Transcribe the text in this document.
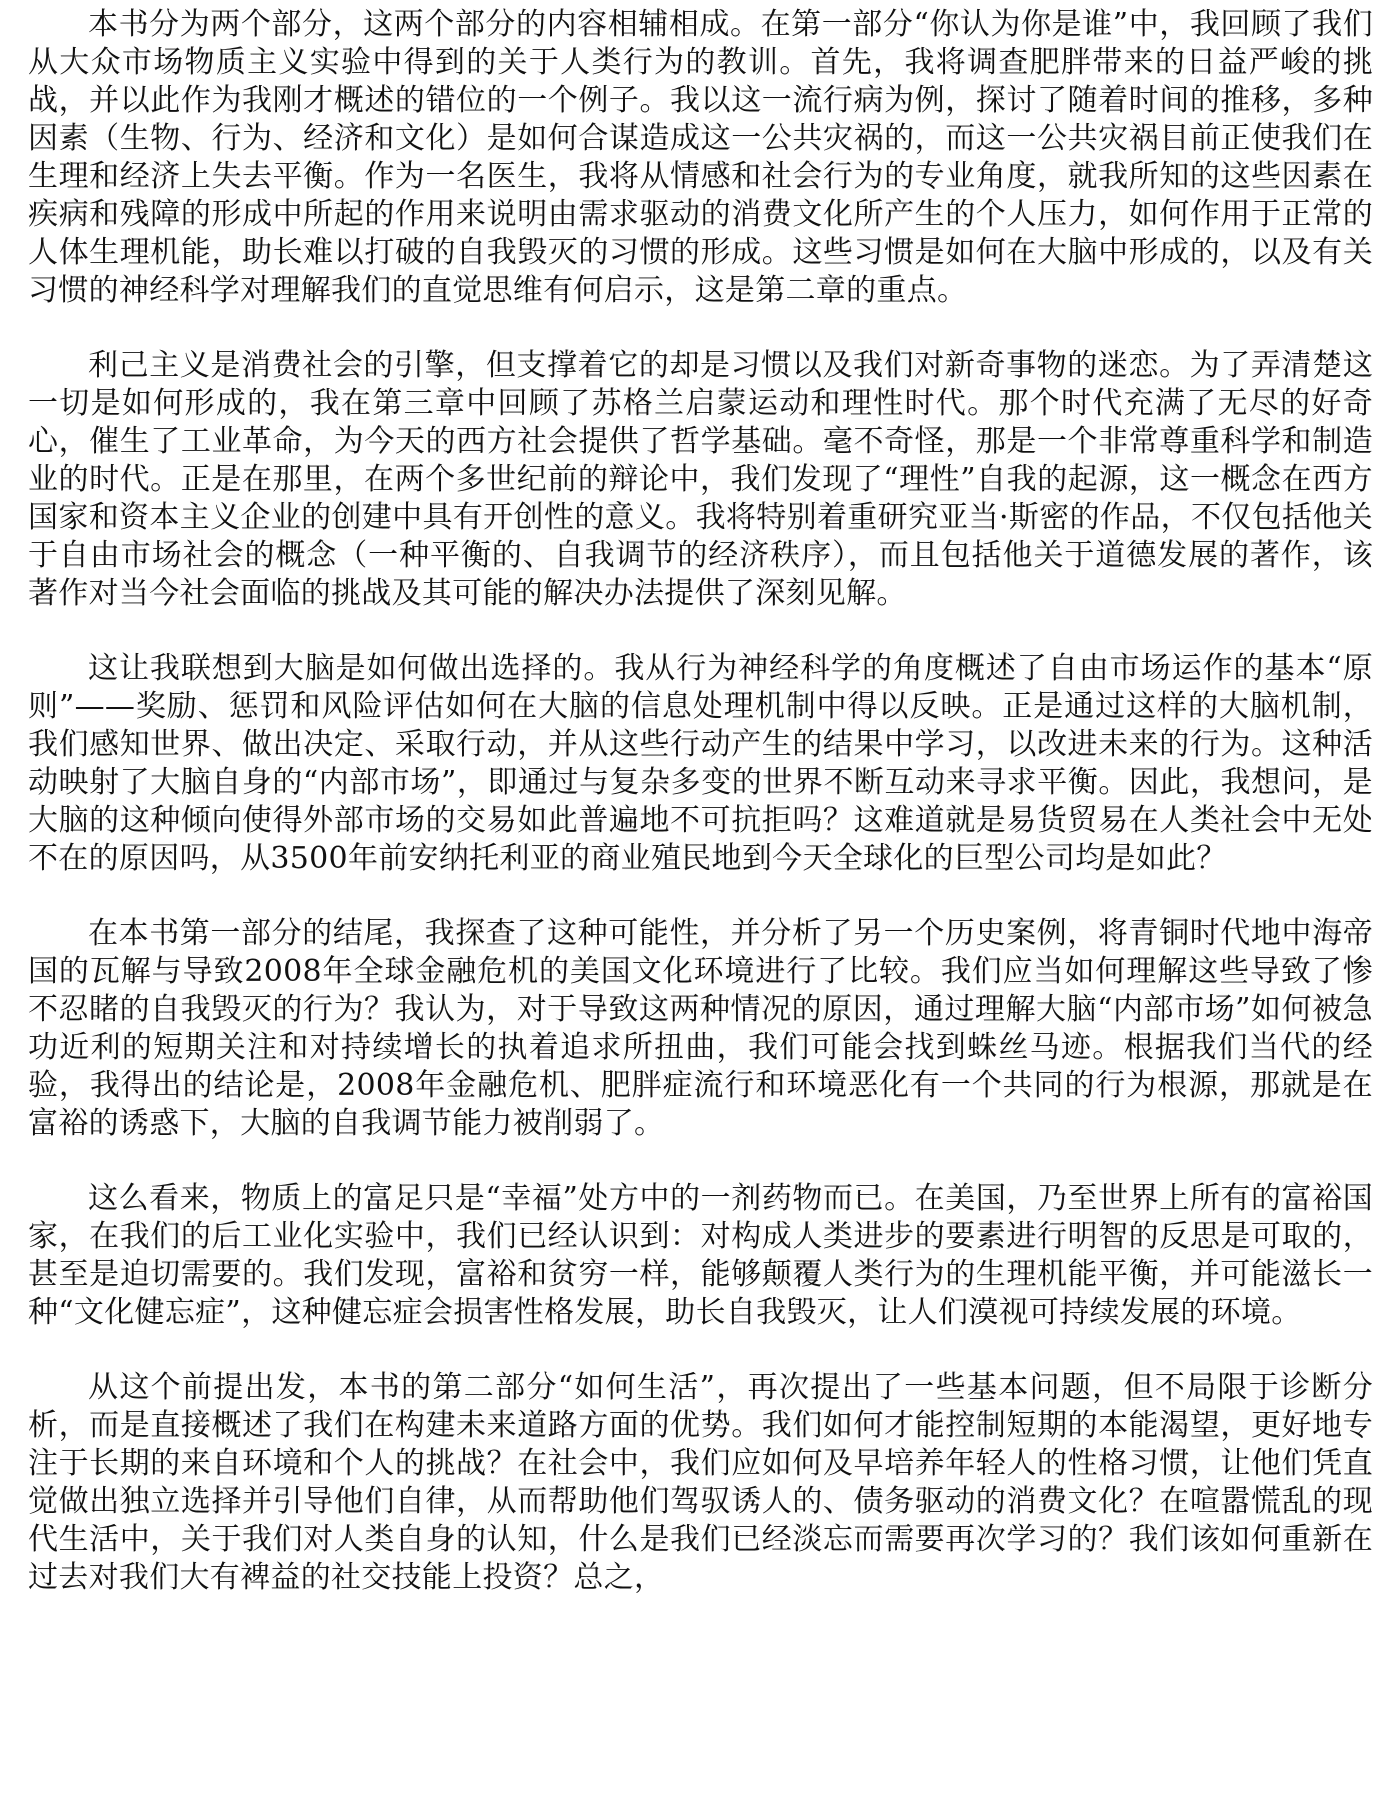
本书分为两个部分，这两个部分的内容相辅相成。在第一部分“你认为你是谁”中，我回顾了我们从大众市场物质主义实验中得到的关于人类行为的教训。首先，我将调查肥胖带来的日益严峻的挑战，并以此作为我刚才概述的错位的一个例子。我以这一流行病为例，探讨了随着时间的推移，多种因素（生物、行为、经济和文化）是如何合谋造成这一公共灾祸的，而这一公共灾祸目前正使我们在生理和经济上失去平衡。作为一名医生，我将从情感和社会行为的专业角度，就我所知的这些因素在疾病和残障的形成中所起的作用来说明由需求驱动的消费文化所产生的个人压力，如何作用于正常的人体生理机能，助长难以打破的自我毁灭的习惯的形成。这些习惯是如何在大脑中形成的，以及有关习惯的神经科学对理解我们的直觉思维有何启示，这是第二章的重点。

利己主义是消费社会的引擎，但支撑着它的却是习惯以及我们对新奇事物的迷恋。为了弄清楚这一切是如何形成的，我在第三章中回顾了苏格兰启蒙运动和理性时代。那个时代充满了无尽的好奇心，催生了工业革命，为今天的西方社会提供了哲学基础。毫不奇怪，那是一个非常尊重科学和制造业的时代。正是在那里，在两个多世纪前的辩论中，我们发现了“理性”自我的起源，这一概念在西方国家和资本主义企业的创建中具有开创性的意义。我将特别着重研究亚当·斯密的作品，不仅包括他关于自由市场社会的概念（一种平衡的、自我调节的经济秩序），而且包括他关于道德发展的著作，该著作对当今社会面临的挑战及其可能的解决办法提供了深刻见解。

这让我联想到大脑是如何做出选择的。我从行为神经科学的角度概述了自由市场运作的基本“原则”——奖励、惩罚和风险评估如何在大脑的信息处理机制中得以反映。正是通过这样的大脑机制，我们感知世界、做出决定、采取行动，并从这些行动产生的结果中学习，以改进未来的行为。这种活动映射了大脑自身的“内部市场”，即通过与复杂多变的世界不断互动来寻求平衡。因此，我想问，是大脑的这种倾向使得外部市场的交易如此普遍地不可抗拒吗？这难道就是易货贸易在人类社会中无处不在的原因吗，从3500年前安纳托利亚的商业殖民地到今天全球化的巨型公司均是如此？

在本书第一部分的结尾，我探查了这种可能性，并分析了另一个历史案例，将青铜时代地中海帝国的瓦解与导致2008年全球金融危机的美国文化环境进行了比较。我们应当如何理解这些导致了惨不忍睹的自我毁灭的行为？我认为，对于导致这两种情况的原因，通过理解大脑“内部市场”如何被急功近利的短期关注和对持续增长的执着追求所扭曲，我们可能会找到蛛丝马迹。根据我们当代的经验，我得出的结论是，2008年金融危机、肥胖症流行和环境恶化有一个共同的行为根源，那就是在富裕的诱惑下，大脑的自我调节能力被削弱了。

这么看来，物质上的富足只是“幸福”处方中的一剂药物而已。在美国，乃至世界上所有的富裕国家，在我们的后工业化实验中，我们已经认识到：对构成人类进步的要素进行明智的反思是可取的，甚至是迫切需要的。我们发现，富裕和贫穷一样，能够颠覆人类行为的生理机能平衡，并可能滋长一种“文化健忘症”，这种健忘症会损害性格发展，助长自我毁灭，让人们漠视可持续发展的环境。

从这个前提出发，本书的第二部分“如何生活”，再次提出了一些基本问题，但不局限于诊断分析，而是直接概述了我们在构建未来道路方面的优势。我们如何才能控制短期的本能渴望，更好地专注于长期的来自环境和个人的挑战？在社会中，我们应如何及早培养年轻人的性格习惯，让他们凭直觉做出独立选择并引导他们自律，从而帮助他们驾驭诱人的、债务驱动的消费文化？在喧嚣慌乱的现代生活中，关于我们对人类自身的认知，什么是我们已经淡忘而需要再次学习的？我们该如何重新在过去对我们大有裨益的社交技能上投资？总之，
